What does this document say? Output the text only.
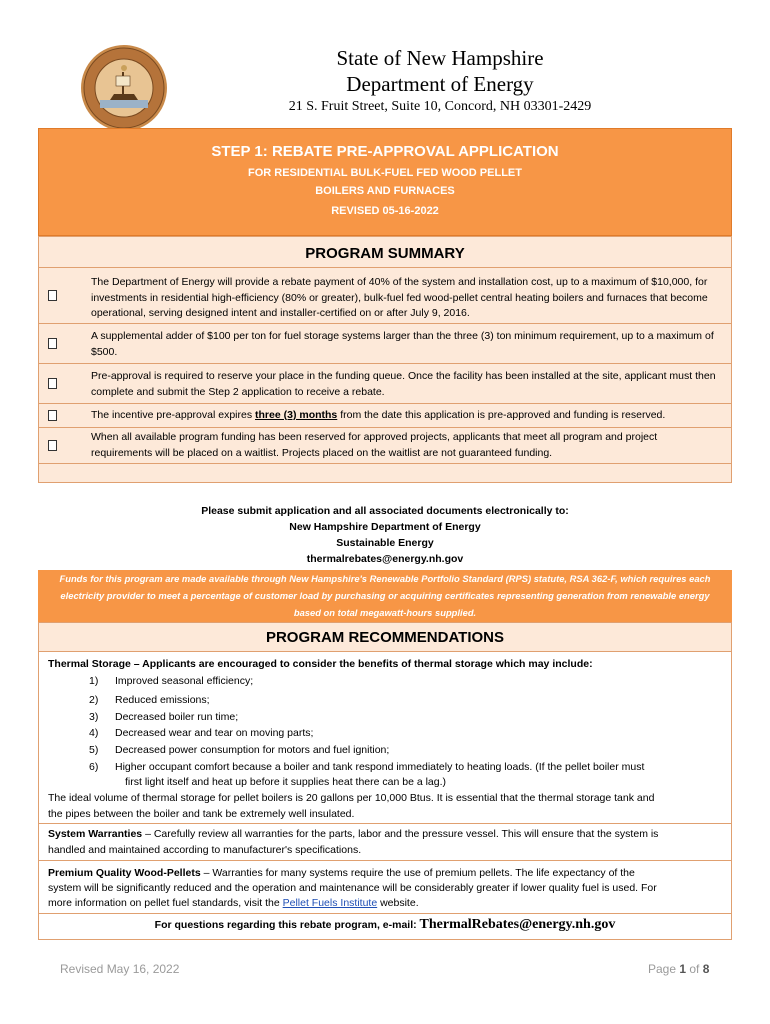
State of New Hampshire
Department of Energy
21 S. Fruit Street, Suite 10, Concord, NH 03301-2429
STEP 1: REBATE PRE-APPROVAL APPLICATION
FOR RESIDENTIAL BULK-FUEL FED WOOD PELLET
BOILERS AND FURNACES
REVISED 05-16-2022
PROGRAM SUMMARY
The Department of Energy will provide a rebate payment of 40% of the system and installation cost, up to a maximum of $10,000, for investments in residential high-efficiency (80% or greater), bulk-fuel fed wood-pellet central heating boilers and furnaces that become operational, serving designed intent and installer-certified on or after July 9, 2016.
A supplemental adder of $100 per ton for fuel storage systems larger than the three (3) ton minimum requirement, up to a maximum of $500.
Pre-approval is required to reserve your place in the funding queue. Once the facility has been installed at the site, applicant must then complete and submit the Step 2 application to receive a rebate.
The incentive pre-approval expires three (3) months from the date this application is pre-approved and funding is reserved.
When all available program funding has been reserved for approved projects, applicants that meet all program and project requirements will be placed on a waitlist. Projects placed on the waitlist are not guaranteed funding.
Please submit application and all associated documents electronically to:
New Hampshire Department of Energy
Sustainable Energy
thermalrebates@energy.nh.gov
Funds for this program are made available through New Hampshire's Renewable Portfolio Standard (RPS) statute, RSA 362-F, which requires each
electricity provider to meet a percentage of customer load by purchasing or acquiring certificates representing generation from renewable energy
based on total megawatt-hours supplied.
PROGRAM RECOMMENDATIONS
Thermal Storage – Applicants are encouraged to consider the benefits of thermal storage which may include:
1) Improved seasonal efficiency;
2) Reduced emissions;
3) Decreased boiler run time;
4) Decreased wear and tear on moving parts;
5) Decreased power consumption for motors and fuel ignition;
6) Higher occupant comfort because a boiler and tank respond immediately to heating loads. (If the pellet boiler must
first light itself and heat up before it supplies heat there can be a lag.)
The ideal volume of thermal storage for pellet boilers is 20 gallons per 10,000 Btus. It is essential that the thermal storage tank and
the pipes between the boiler and tank be extremely well insulated.
System Warranties – Carefully review all warranties for the parts, labor and the pressure vessel. This will ensure that the system is
handled and maintained according to manufacturer's specifications.
Premium Quality Wood-Pellets – Warranties for many systems require the use of premium pellets. The life expectancy of the
system will be significantly reduced and the operation and maintenance will be considerably greater if lower quality fuel is used. For
more information on pellet fuel standards, visit the Pellet Fuels Institute website.
For questions regarding this rebate program, e-mail: ThermalRebates@energy.nh.gov
Revised May 16, 2022	Page 1 of 8
